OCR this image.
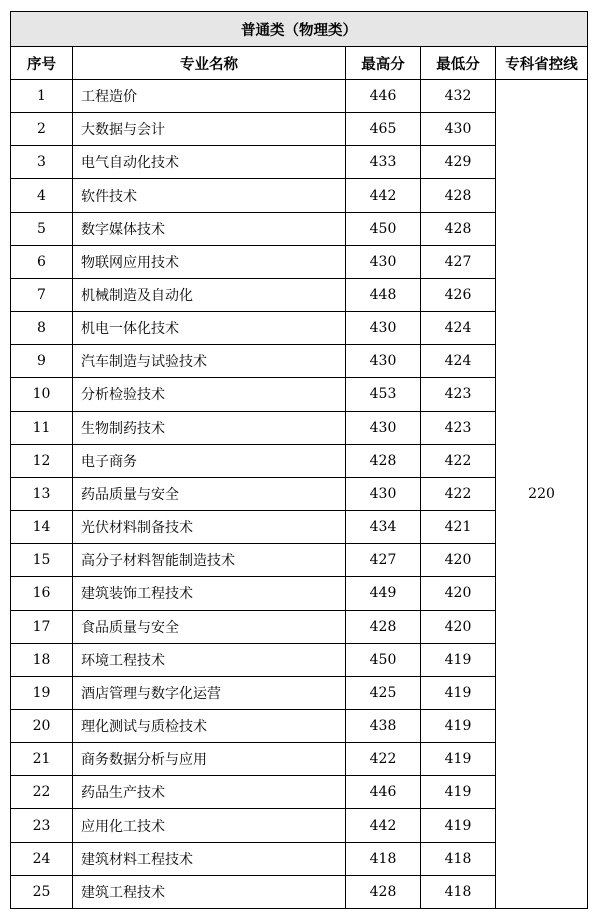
普通类（物理类）				
序号	专业名称	最高分	最低分	专科省控线
1	工程造价	446	432	220
2	大数据与会计	465	430	
3	电气自动化技术	433	429	
4	软件技术	442	428	
5	数字媒体技术	450	428	
6	物联网应用技术	430	427	
7	机械制造及自动化	448	426	
8	机电一体化技术	430	424	
9	汽车制造与试验技术	430	424	
10	分析检验技术	453	423	
11	生物制药技术	430	423	
12	电子商务	428	422	
13	药品质量与安全	430	422	
14	光伏材料制备技术	434	421	
15	高分子材料智能制造技术	427	420	
16	建筑装饰工程技术	449	420	
17	食品质量与安全	428	420	
18	环境工程技术	450	419	
19	酒店管理与数字化运营	425	419	
20	理化测试与质检技术	438	419	
21	商务数据分析与应用	422	419	
22	药品生产技术	446	419	
23	应用化工技术	442	419	
24	建筑材料工程技术	418	418	
25	建筑工程技术	428	418	
